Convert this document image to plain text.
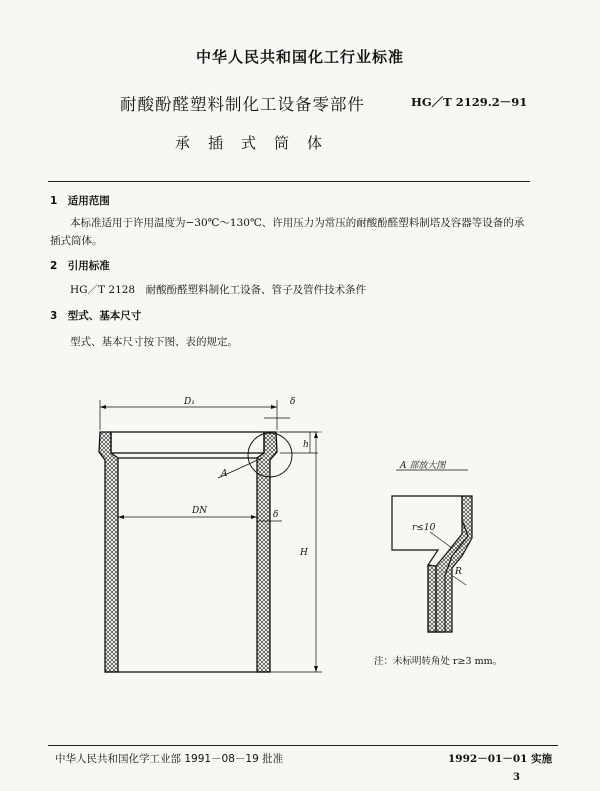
中华人民共和国化工行业标准
耐酸酚醛塑料制化工设备零部件	HG／T 2129.2－91
承插式筒体
1　适用范围
本标准适用于许用温度为−30℃～130℃、许用压力为常压的耐酸酚醛塑料制塔及容器等设备的承插式筒体。
2　引用标准
HG／T 2128　耐酸酚醛塑料制化工设备、管子及管件技术条件
3　型式、基本尺寸
型式、基本尺寸按下图、表的规定。
D₁	δ
h
A
DN	δ
H
r≤10
R
A 部放大图
注：未标明转角处 r≥3 mm。
中华人民共和国化学工业部 1991－08－19 批准	1992－01－01 实施
3
